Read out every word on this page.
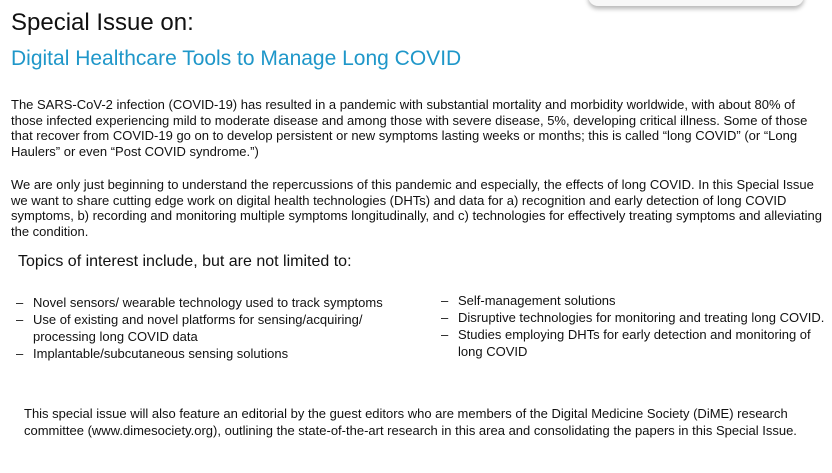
Special Issue on:
Digital Healthcare Tools to Manage Long COVID

The SARS-CoV-2 infection (COVID-19) has resulted in a pandemic with substantial mortality and morbidity worldwide, with about 80% of those infected experiencing mild to moderate disease and among those with severe disease, 5%, developing critical illness. Some of those that recover from COVID-19 go on to develop persistent or new symptoms lasting weeks or months; this is called “long COVID” (or “Long Haulers” or even “Post COVID syndrome.”)

We are only just beginning to understand the repercussions of this pandemic and especially, the effects of long COVID. In this Special Issue we want to share cutting edge work on digital health technologies (DHTs) and data for a) recognition and early detection of long COVID symptoms, b) recording and monitoring multiple symptoms longitudinally, and c) technologies for effectively treating symptoms and alleviating the condition.

Topics of interest include, but are not limited to:
– Novel sensors/ wearable technology used to track symptoms
– Use of existing and novel platforms for sensing/acquiring/ processing long COVID data
– Implantable/subcutaneous sensing solutions
– Self-management solutions
– Disruptive technologies for monitoring and treating long COVID.
– Studies employing DHTs for early detection and monitoring of long COVID

This special issue will also feature an editorial by the guest editors who are members of the Digital Medicine Society (DiME) research committee (www.dimesociety.org), outlining the state-of-the-art research in this area and consolidating the papers in this Special Issue.
